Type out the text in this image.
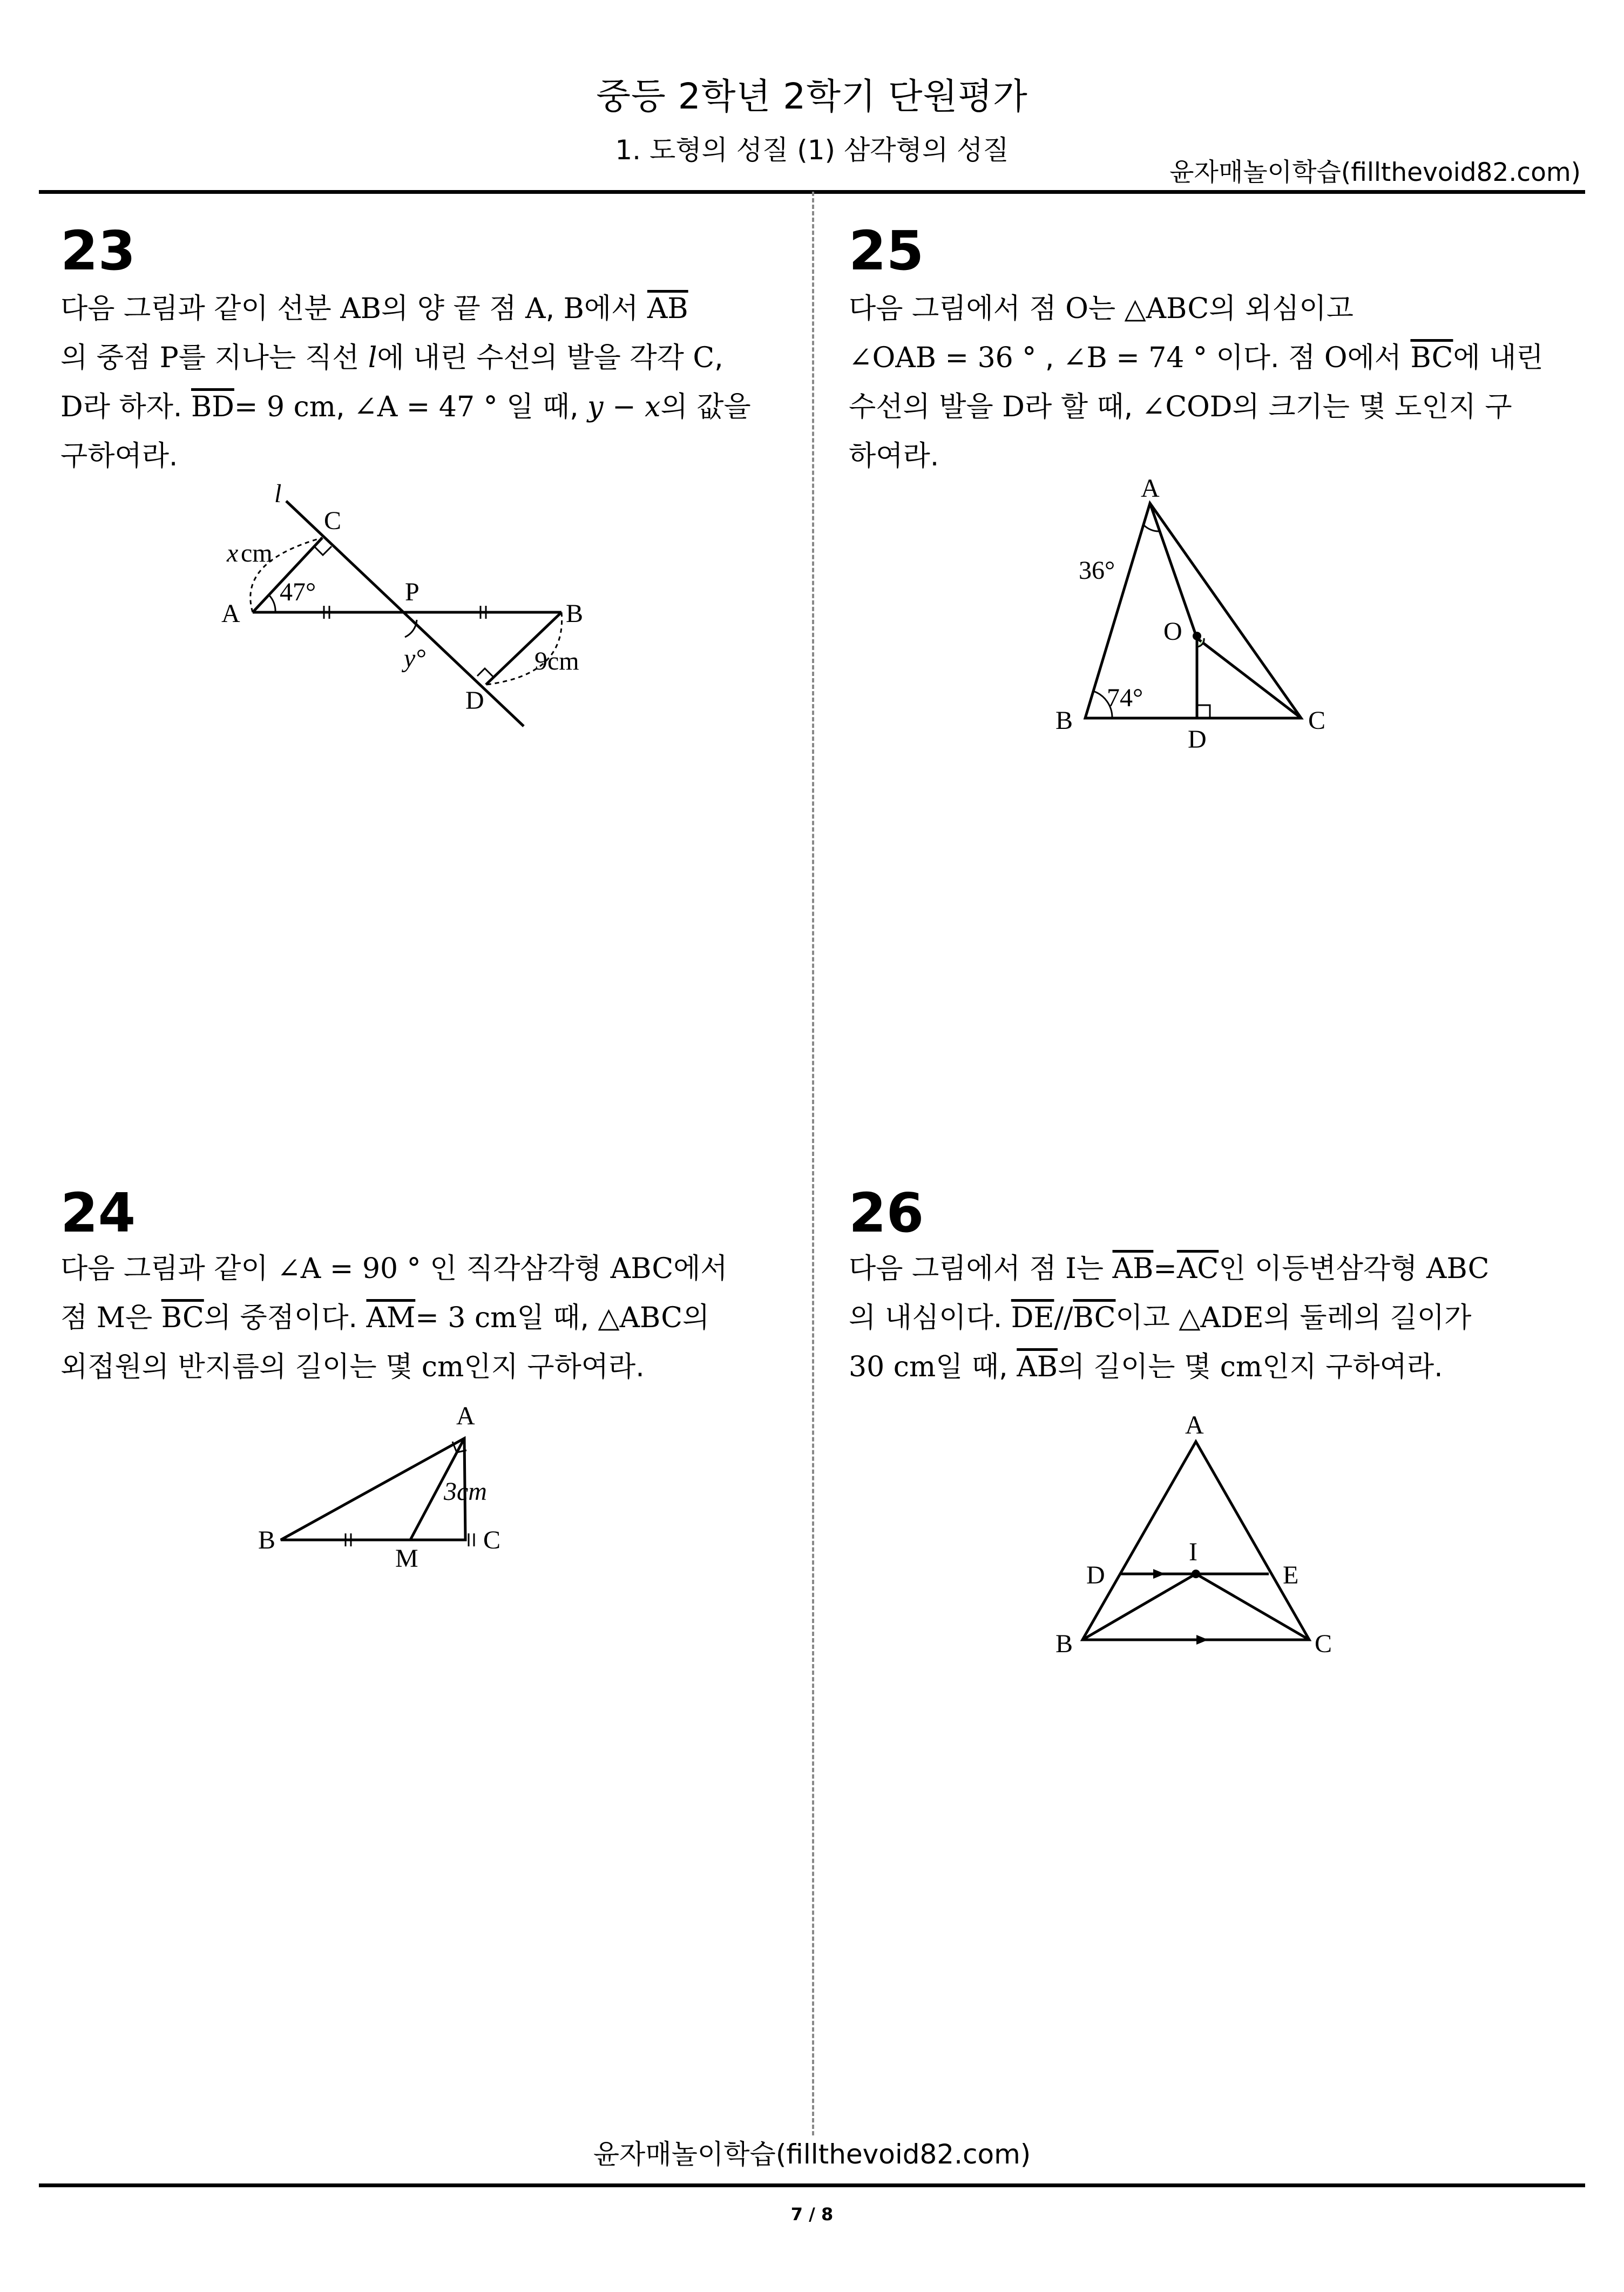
중등 2학년 2학기 단원평가
1. 도형의 성질 (1) 삼각형의 성질
윤자매놀이학습(fillthevoid82.com)
23
다음 그림과 같이 선분 AB의 양 끝 점 A, B에서 $\overline{AB}$
의 중점 P를 지나는 직선 l에 내린 수선의 발을 각각 C,
D라 하자. $\overline{BD}= 9$ cm, ∠A = 47 ° 일 때, y − x의 값을
구하여라.
l
C
x cm
A
47°	P
B
y°	9cm
D
24
다음 그림과 같이 ∠A = 90 ° 인 직각삼각형 ABC에서
점 M은 $\overline{BC}$의 중점이다. $\overline{AM}= 3$ cm일 때, △ABC의
외접원의 반지름의 길이는 몇 cm인지 구하여라.
A
B
M
C
3cm
25
다음 그림에서 점 O는 △ABC의 외심이고
∠OAB = 36 ° , ∠B = 74 ° 이다. 점 O에서 $\overline{BC}$에 내린
수선의 발을 D라 할 때, ∠COD의 크기는 몇 도인지 구
하여라.
A
36°
O
B
74°
D
C
26
다음 그림에서 점 I는 $\overline{AB}=\overline{AC}$인 이등변삼각형 ABC
의 내심이다. $\overline{DE}//\overline{BC}$이고 △ADE의 둘레의 길이가
30 cm일 때, $\overline{AB}$의 길이는 몇 cm인지 구하여라.
A
D
I
E
B	C
윤자매놀이학습(fillthevoid82.com)
7 / 8
